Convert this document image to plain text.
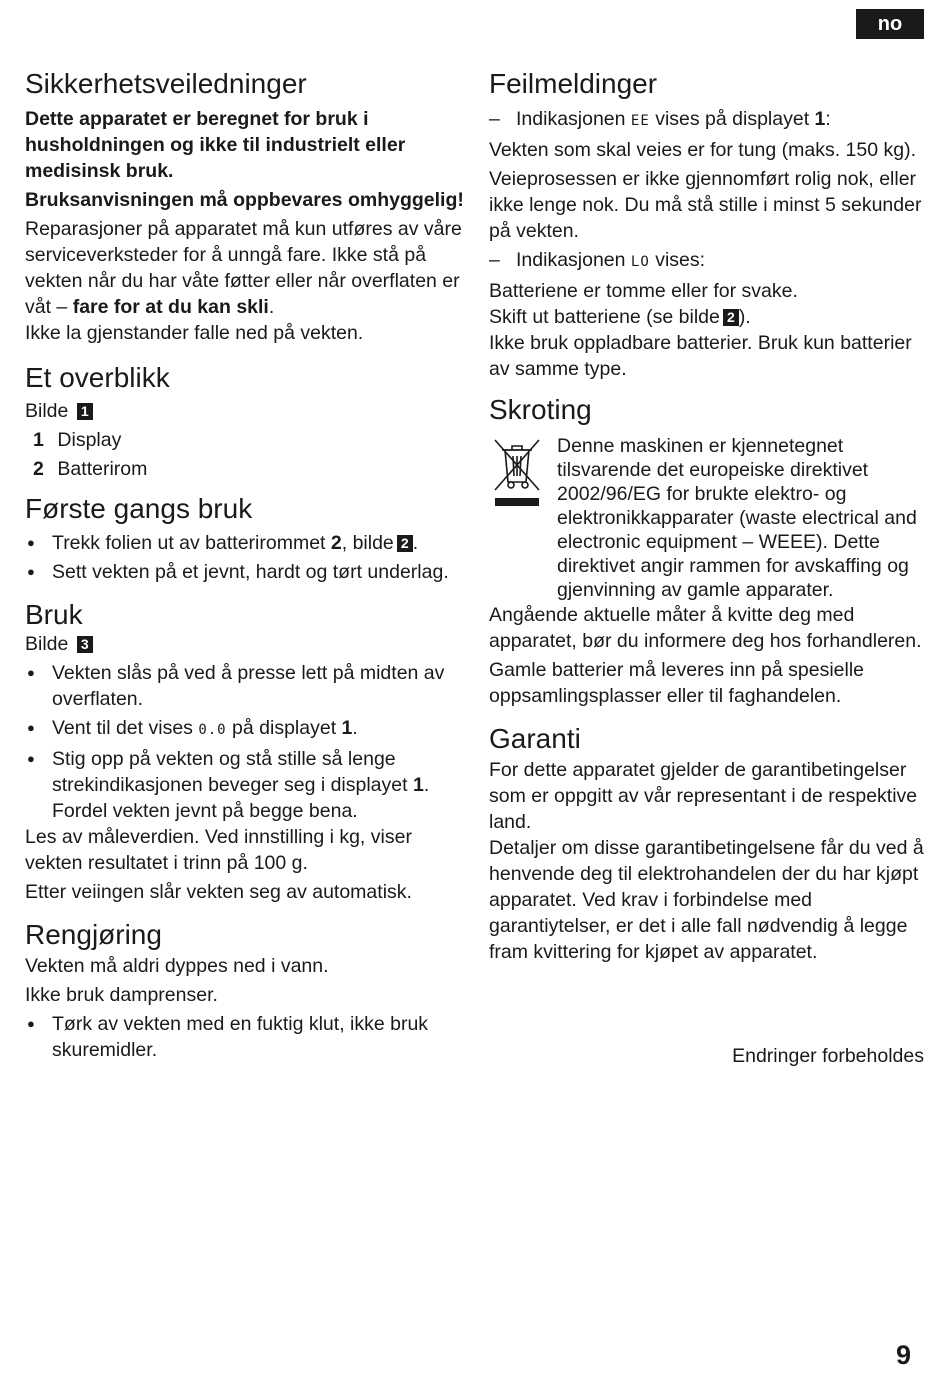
no
Sikkerhetsveiledninger

Dette apparatet er beregnet for bruk i husholdningen og ikke til industrielt eller medisinsk bruk.

Bruksanvisningen må oppbevares omhyggelig!

Reparasjoner på apparatet må kun utføres av våre serviceverksteder for å unngå fare. Ikke stå på vekten når du har våte føtter eller når overflaten er våt – fare for at du kan skli.

Ikke la gjenstander falle ned på vekten.

Et overblikk

Bilde 1

1 Display
2 Batterirom
Første gangs bruk
● Trekk folien ut av batterirommet 2, bilde 2 .
● Sett vekten på et jevnt, hardt og tørt underlag.
Bruk

Bilde 3

● Vekten slås på ved å presse lett på midten av overflaten.
● Vent til det vises 0.0 på displayet 1.
● Stig opp på vekten og stå stille så lenge strekindikasjonen beveger seg i displayet 1. Fordel vekten jevnt på begge bena.

Les av måleverdien. Ved innstilling i kg, viser vekten resultatet i trinn på 100 g.

Etter veiingen slår vekten seg av automatisk.

Rengjøring

Vekten må aldri dyppes ned i vann.

Ikke bruk damprenser.

● Tørk av vekten med en fuktig klut, ikke bruk skuremidler.
Feilmeldinger
– Indikasjonen EE vises på displayet 1:

Vekten som skal veies er for tung (maks. 150 kg).

Veieprosessen er ikke gjennomført rolig nok, eller ikke lenge nok. Du må stå stille i minst 5 sekunder på vekten.

– Indikasjonen LO vises:

Batteriene er tomme eller for svake.

Skift ut batteriene (se bilde 2 ).

Ikke bruk oppladbare batterier. Bruk kun batterier av samme type.

Skroting

Denne maskinen er kjennetegnet tilsvarende det europeiske direktivet 2002/96/EG for brukte elektro- og elektronikkapparater (waste electrical and electronic equipment – WEEE). Dette direktivet angir rammen for avskaffing og gjenvinning av gamle apparater.

Angående aktuelle måter å kvitte deg med apparatet, bør du informere deg hos forhandleren.

Gamle batterier må leveres inn på spesielle oppsamlingsplasser eller til faghandelen.

Garanti

For dette apparatet gjelder de garantibetingelser som er oppgitt av vår representant i de respektive land.

Detaljer om disse garantibetingelsene får du ved å henvende deg til elektrohandelen der du har kjøpt apparatet. Ved krav i forbindelse med garantiytelser, er det i alle fall nødvendig å legge fram kvittering for kjøpet av apparatet.

Endringer forbeholdes
9
